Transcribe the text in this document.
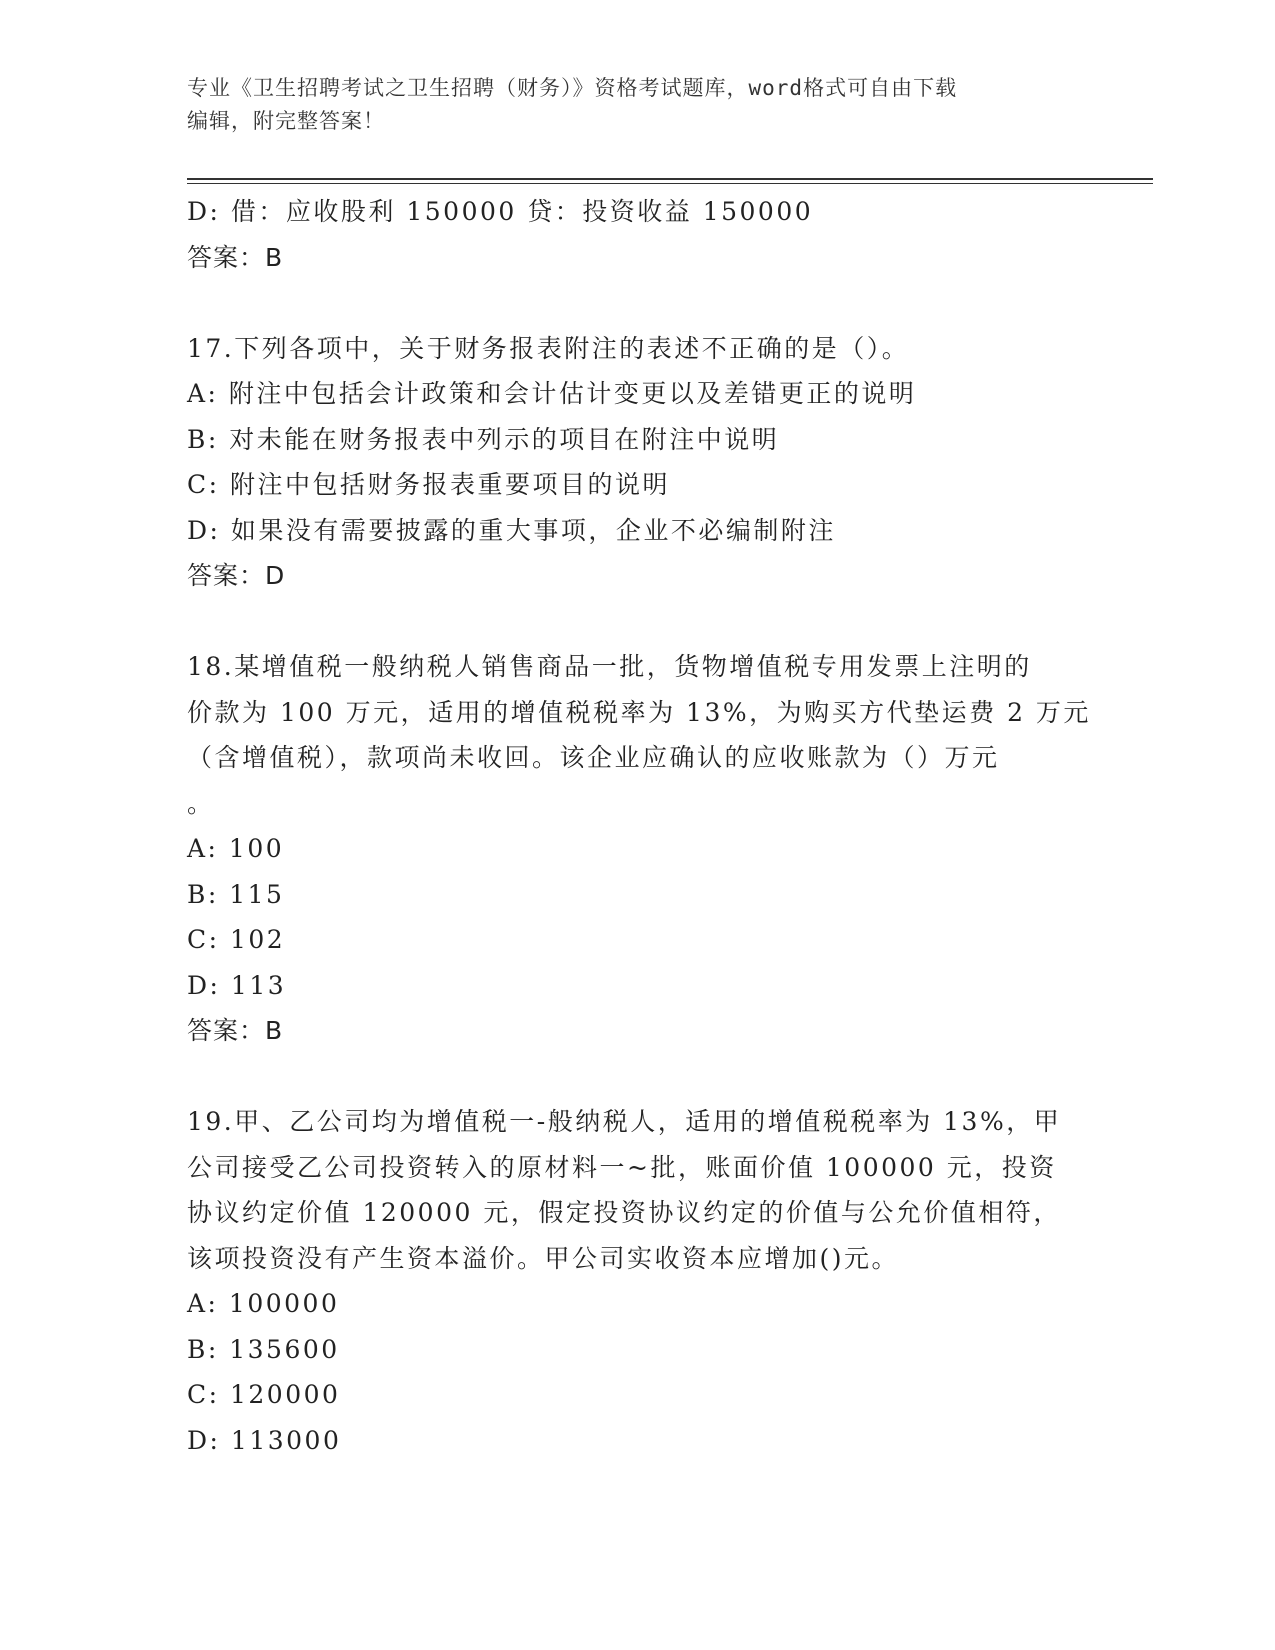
专业《卫生招聘考试之卫生招聘（财务）》资格考试题库，word格式可自由下载
编辑，附完整答案！
D: 借：应收股利 150000 贷：投资收益 150000
答案：B
17.下列各项中，关于财务报表附注的表述不正确的是（）。
A: 附注中包括会计政策和会计估计变更以及差错更正的说明
B: 对未能在财务报表中列示的项目在附注中说明
C: 附注中包括财务报表重要项目的说明
D: 如果没有需要披露的重大事项，企业不必编制附注
答案：D
18.某增值税一般纳税人销售商品一批，货物增值税专用发票上注明的
价款为 100 万元，适用的增值税税率为 13%，为购买方代垫运费 2 万元
（含增值税），款项尚未收回。该企业应确认的应收账款为（）万元
。
A: 100
B: 115
C: 102
D: 113
答案：B
19.甲、乙公司均为增值税一-般纳税人，适用的增值税税率为 13%，甲
公司接受乙公司投资转入的原材料一~批，账面价值 100000 元，投资
协议约定价值 120000 元，假定投资协议约定的价值与公允价值相符，
该项投资没有产生资本溢价。甲公司实收资本应增加()元。
A: 100000
B: 135600
C: 120000
D: 113000
